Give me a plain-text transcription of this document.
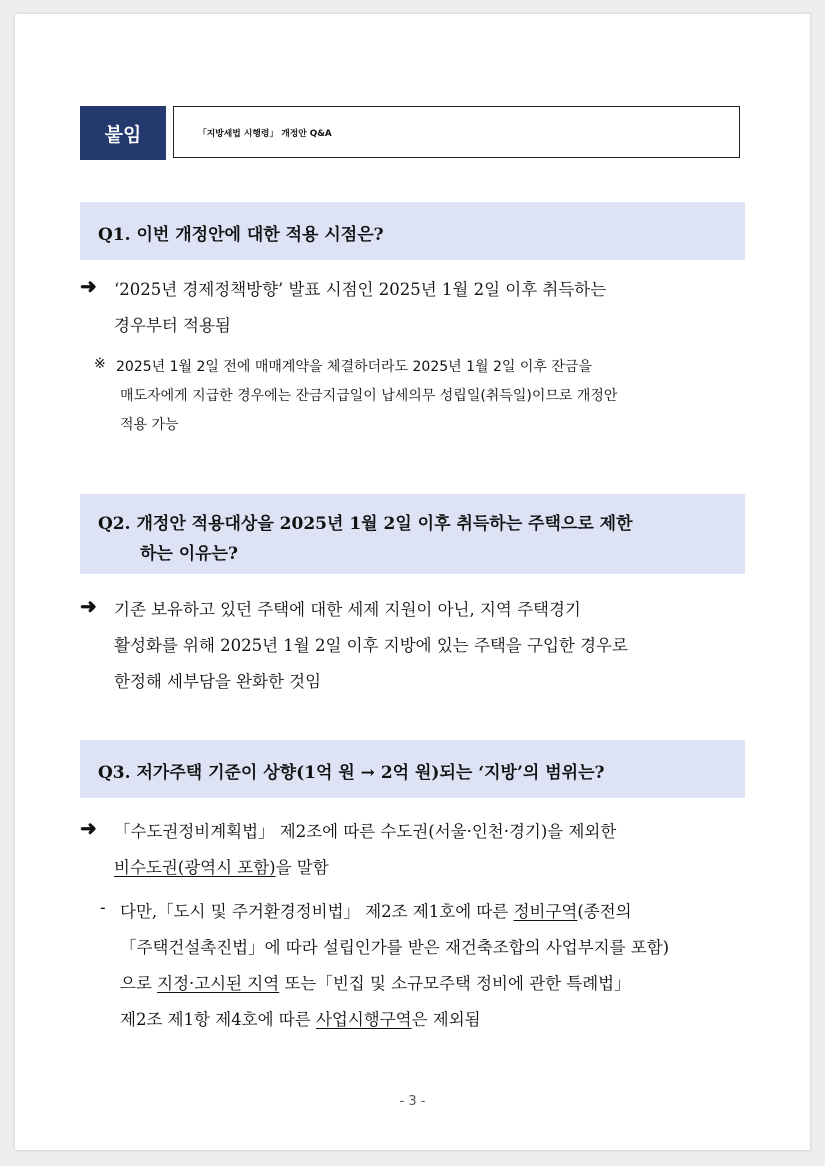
붙임	「지방세법 시행령」 개정안 Q&A
Q1. 이번 개정안에 대한 적용 시점은?
➜ ‘2025년 경제정책방향’ 발표 시점인 2025년 1월 2일 이후 취득하는
경우부터 적용됨
※ 2025년 1월 2일 전에 매매계약을 체결하더라도 2025년 1월 2일 이후 잔금을
매도자에게 지급한 경우에는 잔금지급일이 납세의무 성립일(취득일)이므로 개정안
적용 가능
Q2. 개정안 적용대상을 2025년 1월 2일 이후 취득하는 주택으로 제한
하는 이유는?
➜ 기존 보유하고 있던 주택에 대한 세제 지원이 아닌, 지역 주택경기
활성화를 위해 2025년 1월 2일 이후 지방에 있는 주택을 구입한 경우로
한정해 세부담을 완화한 것임
Q3. 저가주택 기준이 상향(1억 원 → 2억 원)되는 ‘지방’의 범위는?
➜ 「수도권정비계획법」 제2조에 따른 수도권(서울·인천·경기)을 제외한
비수도권(광역시 포함)을 말함
- 다만,「도시 및 주거환경정비법」 제2조 제1호에 따른 정비구역(종전의
「주택건설촉진법」에 따라 설립인가를 받은 재건축조합의 사업부지를 포함)
으로 지정·고시된 지역 또는「빈집 및 소규모주택 정비에 관한 특례법」
제2조 제1항 제4호에 따른 사업시행구역은 제외됨
- 3 -
